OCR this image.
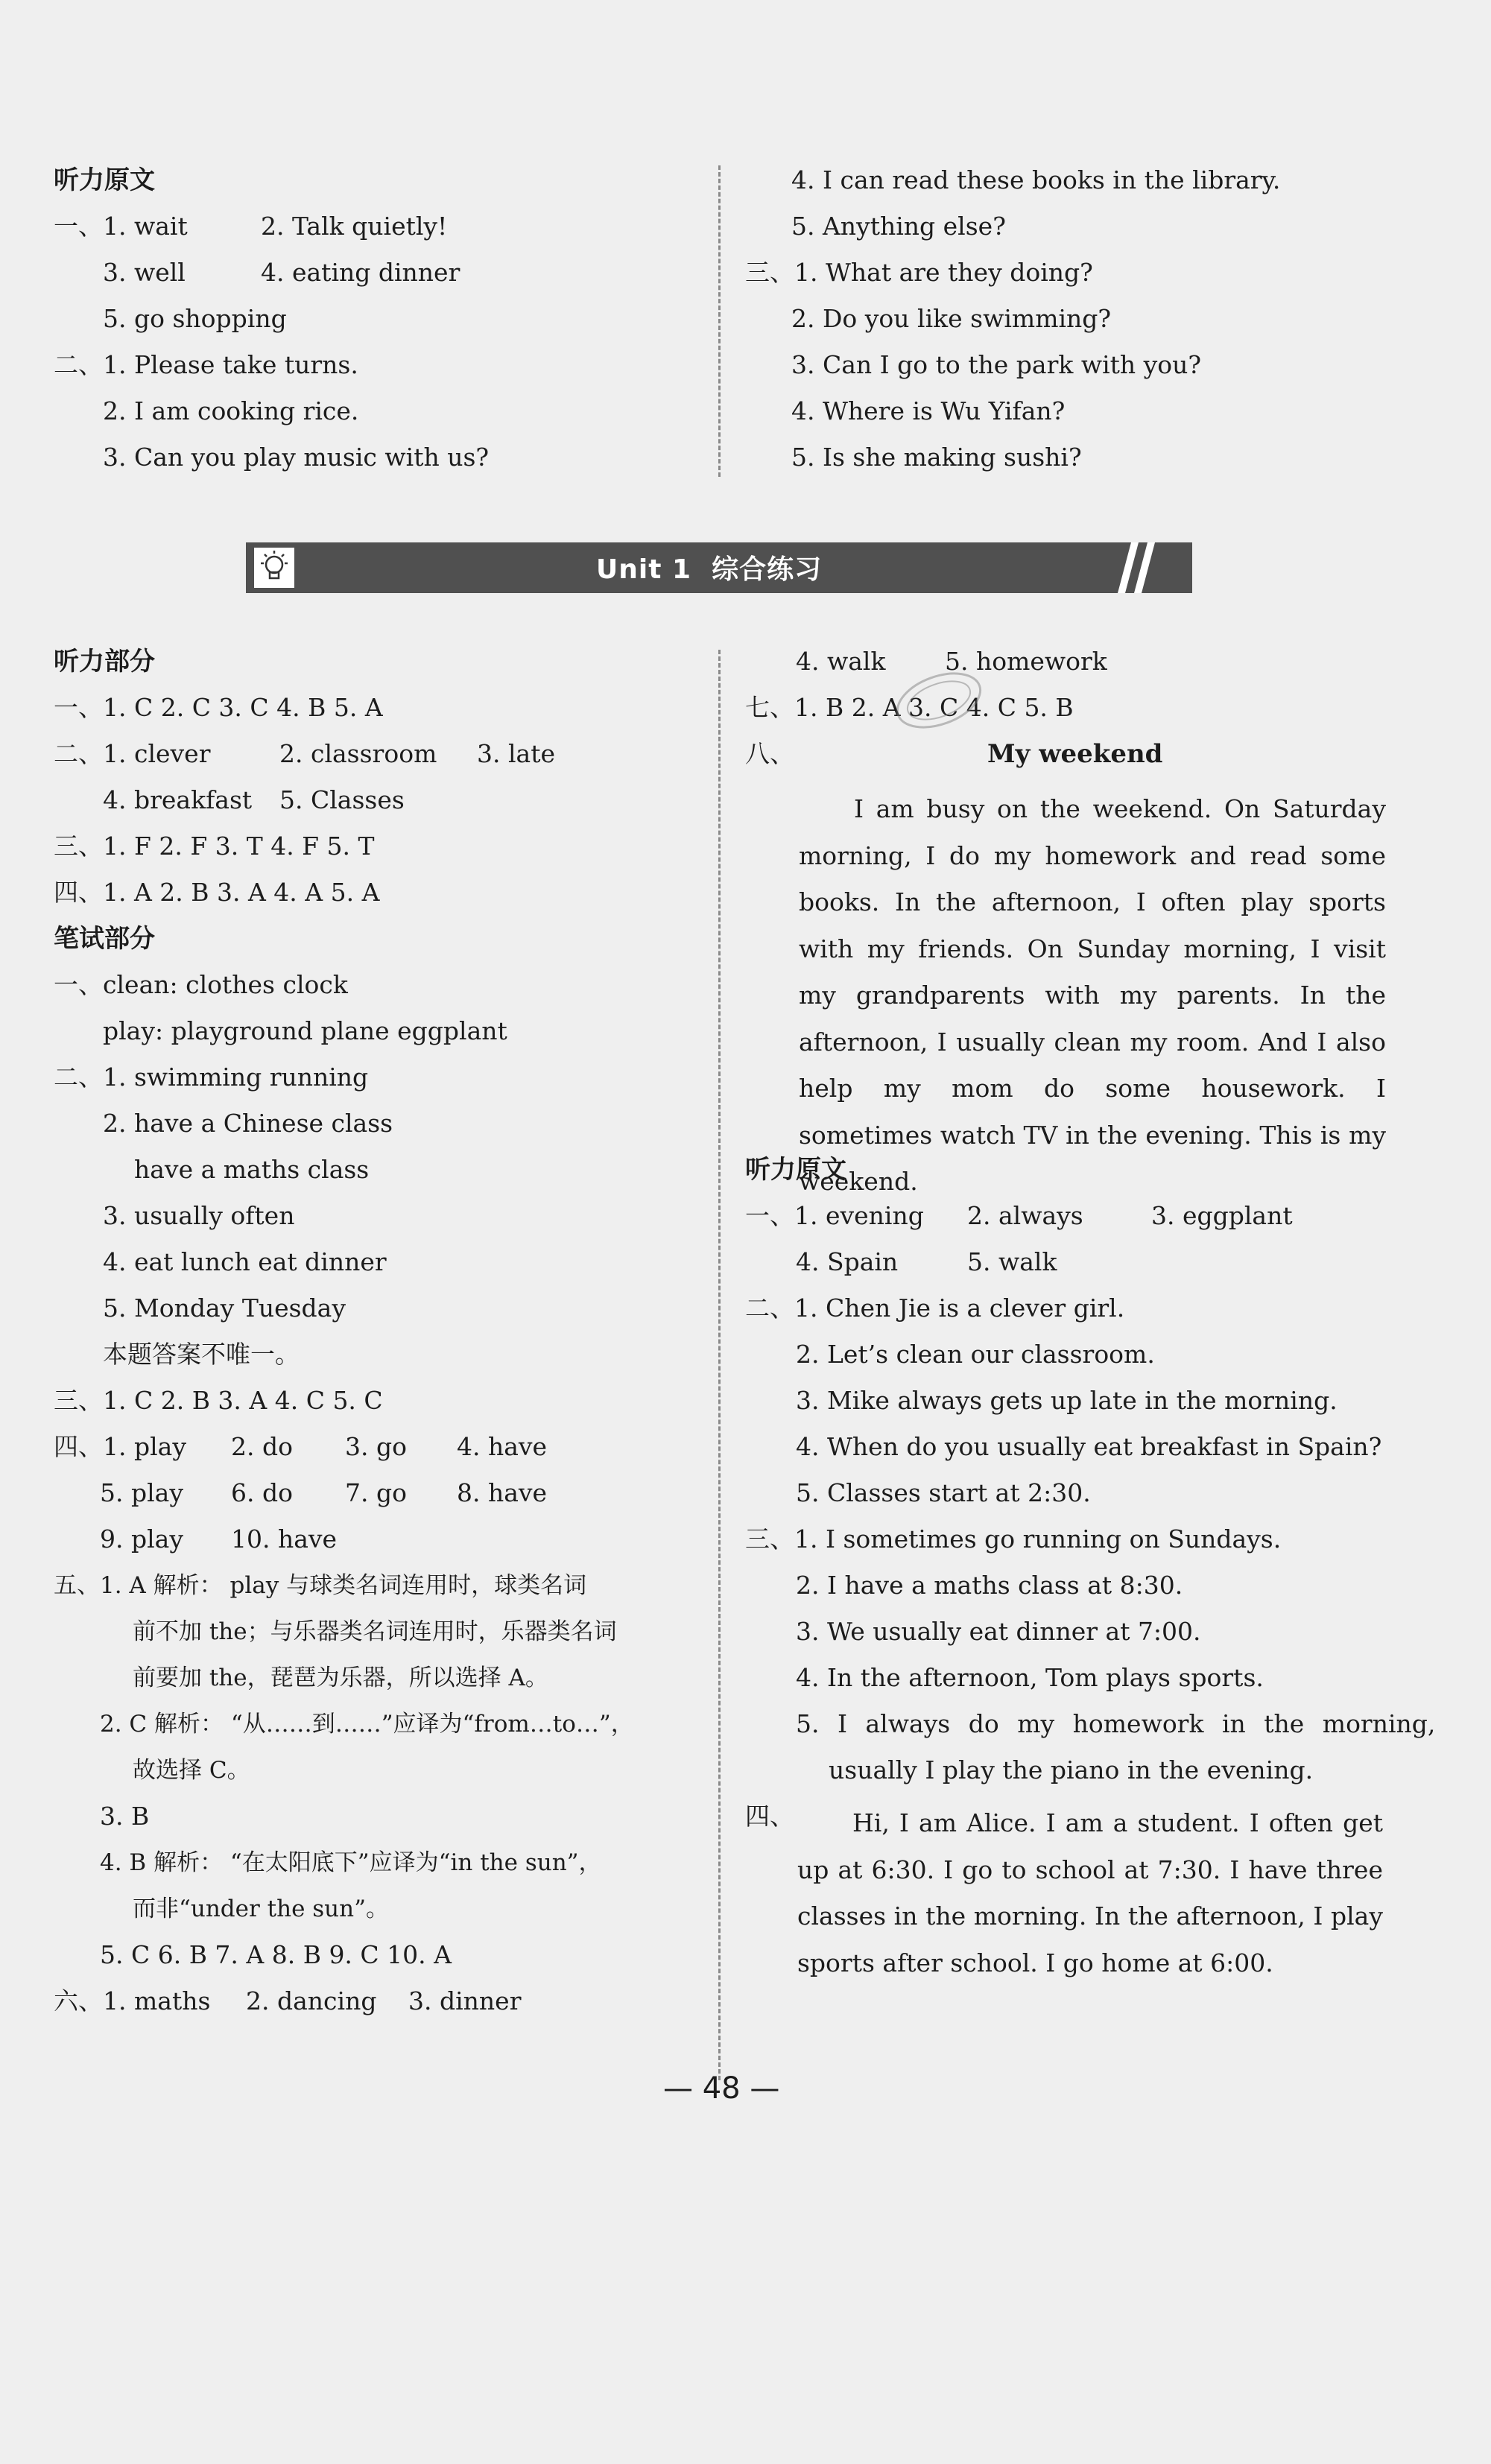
听力原文
一、1. wait	2. Talk quietly!
3. well	4. eating dinner
5. go shopping
二、1. Please take turns.
2. I am cooking rice.
3. Can you play music with us?
4. I can read these books in the library.
5. Anything else?
三、1. What are they doing?
2. Do you like swimming?
3. Can I go to the park with you?
4. Where is Wu Yifan?
5. Is she making sushi?
Unit 1 综合练习
听力部分
一、1. C 2. C 3. C 4. B 5. A
二、1. clever	2. classroom 3. late
4. breakfast 5. Classes
三、1. F 2. F 3. T 4. F 5. T
四、1. A 2. B 3. A 4. A 5. A
笔试部分
一、clean: clothes clock
play: playground plane eggplant
二、1. swimming running
2. have a Chinese class
have a maths class
3. usually often
4. eat lunch eat dinner
5. Monday Tuesday
本题答案不唯一。
三、1. C 2. B 3. A 4. C 5. C
四、1. play 2. do 3. go 4. have
5. play 6. do 7. go 8. have
9. play 10. have
五、1. A 解析： play 与球类名词连用时，球类名词
前不加 the；与乐器类名词连用时，乐器类名词
前要加 the，琵琶为乐器，所以选择 A。
2. C 解析： “从……到……”应译为“from…to…”，
故选择 C。
3. B
4. B 解析： “在太阳底下”应译为“in the sun”，
而非“under the sun”。
5. C 6. B 7. A 8. B 9. C 10. A
六、1. maths 2. dancing 3. dinner
4. walk 5. homework
七、1. B 2. A 3. C 4. C 5. B
八、	My weekend
I am busy on the weekend. On Saturday morning, I do my homework and read some books. In the afternoon, I often play sports with my friends. On Sunday morning, I visit my grandparents with my parents. In the afternoon, I usually clean my room. And I also help my mom do some housework. I sometimes watch TV in the evening. This is my weekend.
听力原文
一、1. evening 2. always	3. eggplant
4. Spain	5. walk
二、1. Chen Jie is a clever girl.
2. Let’s clean our classroom.
3. Mike always gets up late in the morning.
4. When do you usually eat breakfast in Spain?
5. Classes start at 2:30.
三、1. I sometimes go running on Sundays.
2. I have a maths class at 8:30.
3. We usually eat dinner at 7:00.
4. In the afternoon, Tom plays sports.
5. I always do my homework in the morning,
usually I play the piano in the evening.
四、	Hi, I am Alice. I am a student. I often get up at 6:30. I go to school at 7:30. I have three classes in the morning. In the afternoon, I play sports after school. I go home at 6:00.
— 48 —
